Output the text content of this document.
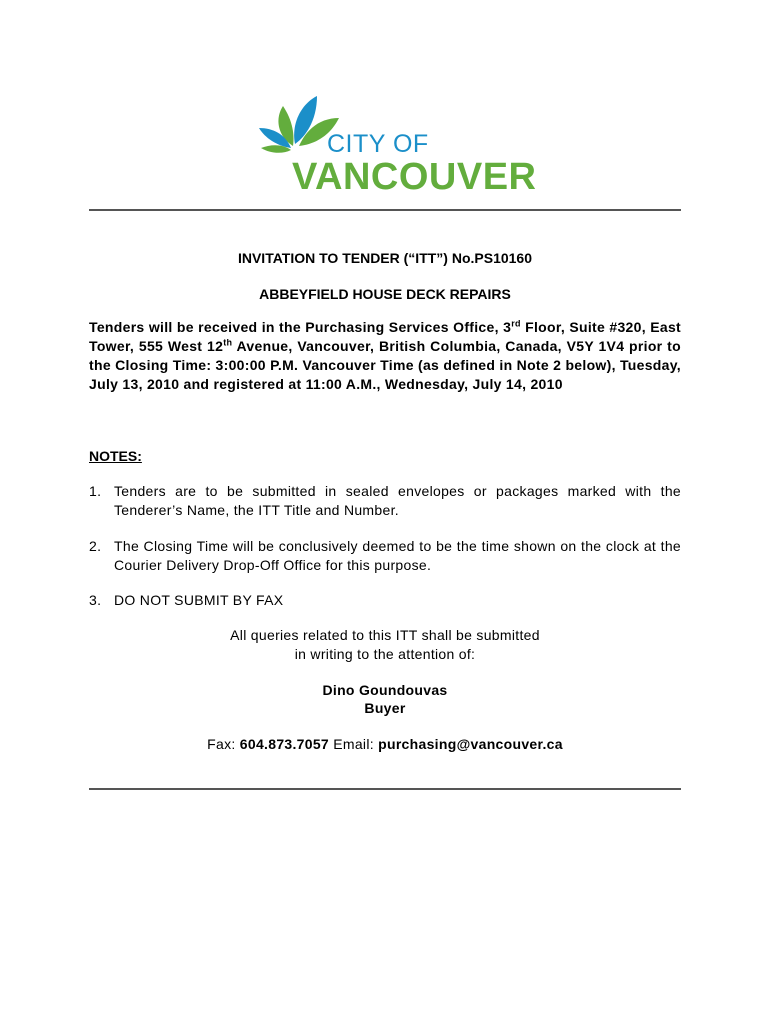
CITY OF
VANCOUVER
INVITATION TO TENDER (“ITT”) No.PS10160
ABBEYFIELD HOUSE DECK REPAIRS
Tenders will be received in the Purchasing Services Office, 3rd Floor, Suite #320, East Tower, 555 West 12th Avenue, Vancouver, British Columbia, Canada, V5Y 1V4 prior to the Closing Time: 3:00:00 P.M. Vancouver Time (as defined in Note 2 below), Tuesday, July 13, 2010 and registered at 11:00 A.M., Wednesday, July 14, 2010
NOTES:
1. Tenders are to be submitted in sealed envelopes or packages marked with the Tenderer’s Name, the ITT Title and Number.
2. The Closing Time will be conclusively deemed to be the time shown on the clock at the Courier Delivery Drop-Off Office for this purpose.
3. DO NOT SUBMIT BY FAX
All queries related to this ITT shall be submitted
in writing to the attention of:
Dino Goundouvas
Buyer
Fax: 604.873.7057 Email: purchasing@vancouver.ca
